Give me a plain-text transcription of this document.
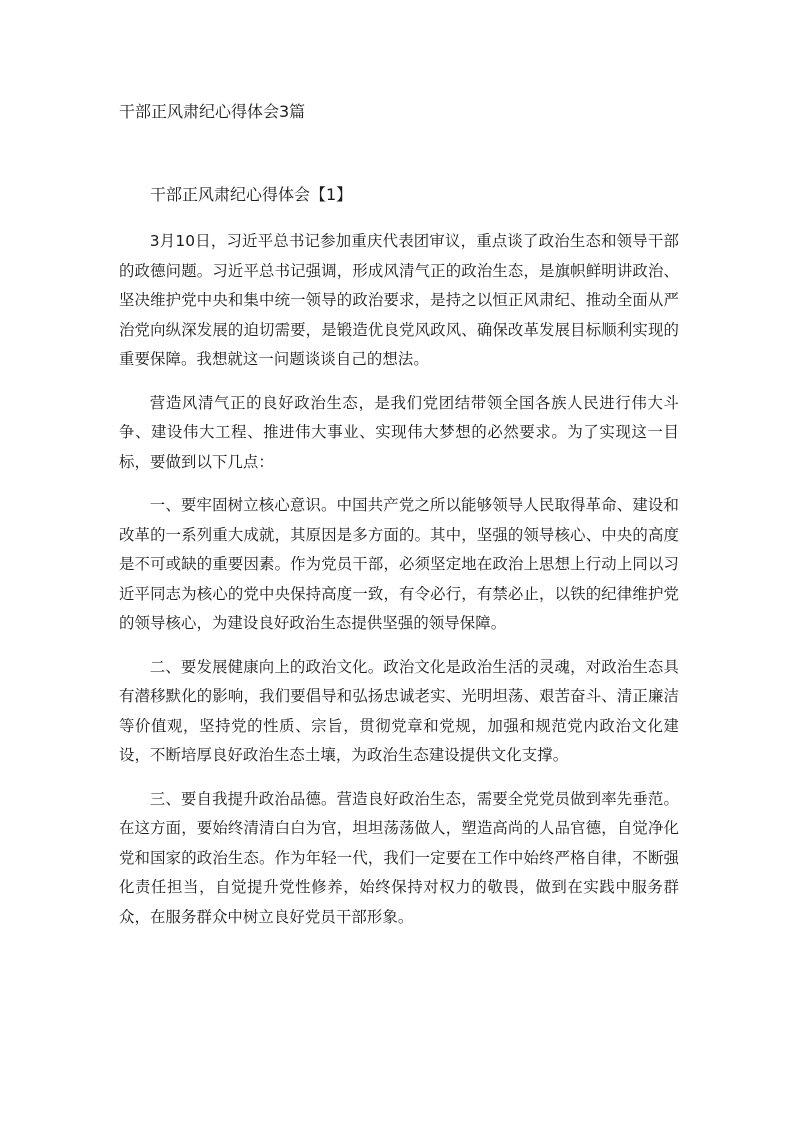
干部正风肃纪心得体会3篇
干部正风肃纪心得体会【1】

3月10日，习近平总书记参加重庆代表团审议，重点谈了政治生态和领导干部的政德问题。习近平总书记强调，形成风清气正的政治生态，是旗帜鲜明讲政治、坚决维护党中央和集中统一领导的政治要求，是持之以恒正风肃纪、推动全面从严治党向纵深发展的迫切需要，是锻造优良党风政风、确保改革发展目标顺利实现的重要保障。我想就这一问题谈谈自己的想法。

营造风清气正的良好政治生态，是我们党团结带领全国各族人民进行伟大斗争、建设伟大工程、推进伟大事业、实现伟大梦想的必然要求。为了实现这一目标，要做到以下几点：

一、要牢固树立核心意识。中国共产党之所以能够领导人民取得革命、建设和改革的一系列重大成就，其原因是多方面的。其中，坚强的领导核心、中央的高度是不可或缺的重要因素。作为党员干部，必须坚定地在政治上思想上行动上同以习近平同志为核心的党中央保持高度一致，有令必行，有禁必止，以铁的纪律维护党的领导核心，为建设良好政治生态提供坚强的领导保障。

二、要发展健康向上的政治文化。政治文化是政治生活的灵魂，对政治生态具有潜移默化的影响，我们要倡导和弘扬忠诚老实、光明坦荡、艰苦奋斗、清正廉洁等价值观，坚持党的性质、宗旨，贯彻党章和党规，加强和规范党内政治文化建设，不断培厚良好政治生态土壤，为政治生态建设提供文化支撑。

三、要自我提升政治品德。营造良好政治生态，需要全党党员做到率先垂范。在这方面，要始终清清白白为官，坦坦荡荡做人，塑造高尚的人品官德，自觉净化党和国家的政治生态。作为年轻一代，我们一定要在工作中始终严格自律，不断强化责任担当，自觉提升党性修养，始终保持对权力的敬畏，做到在实践中服务群众，在服务群众中树立良好党员干部形象。
